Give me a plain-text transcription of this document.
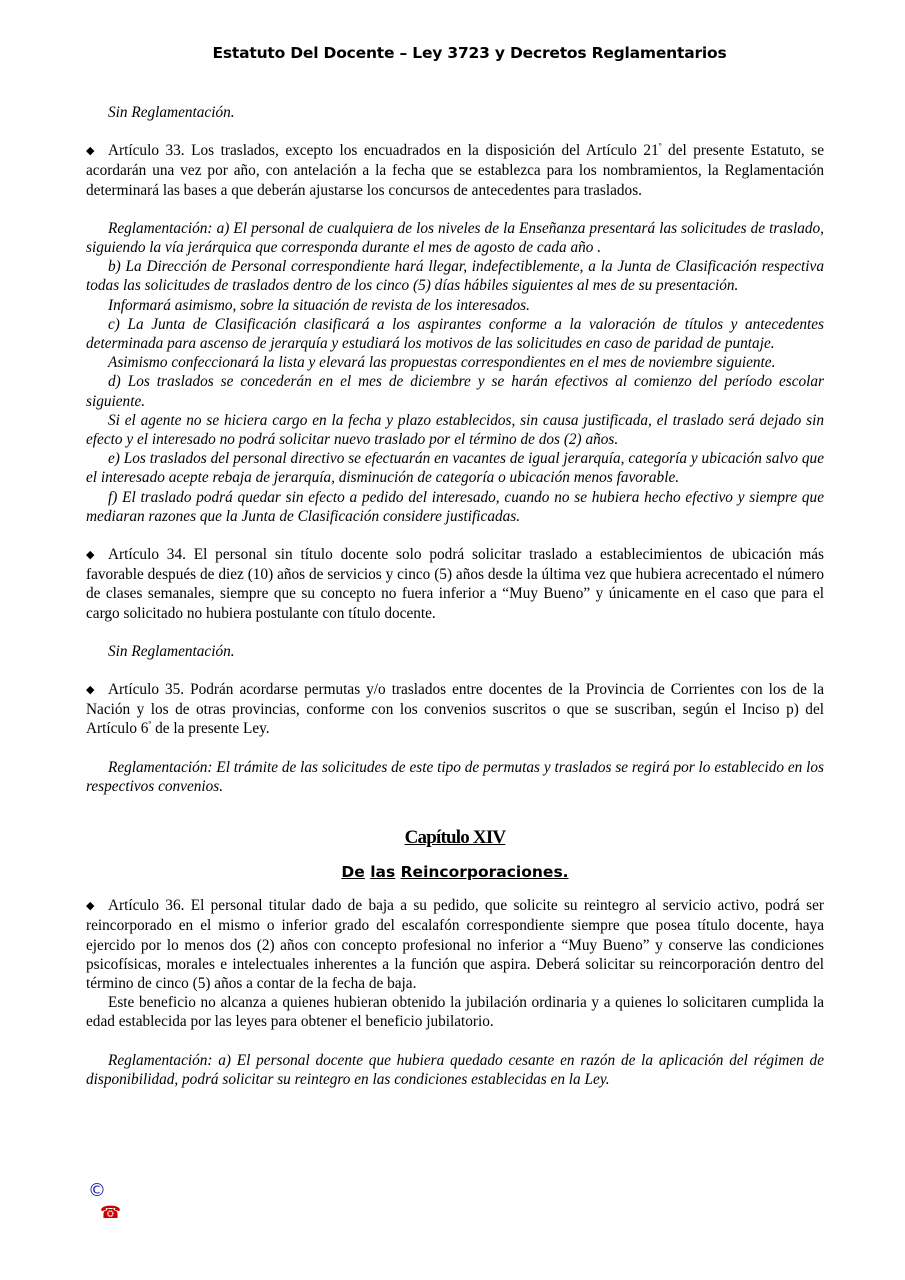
Estatuto Del Docente – Ley 3723 y Decretos Reglamentarios

Sin Reglamentación.

◆ Artículo 33. Los traslados, excepto los encuadrados en la disposición del Artículo $21^º$ del presente Estatuto, se acordarán una vez por año, con antelación a la fecha que se establezca para los nombramientos, la Reglamentación determinará las bases a que deberán ajustarse los concursos de antecedentes para traslados.

Reglamentación: a) El personal de cualquiera de los niveles de la Enseñanza presentará las solicitudes de traslado, siguiendo la vía jerárquica que corresponda durante el mes de agosto de cada año .

b) La Dirección de Personal correspondiente hará llegar, indefectiblemente, a la Junta de Clasificación respectiva todas las solicitudes de traslados dentro de los cinco (5) días hábiles siguientes al mes de su presentación.

Informará asimismo, sobre la situación de revista de los interesados.

c) La Junta de Clasificación clasificará a los aspirantes conforme a la valoración de títulos y antecedentes determinada para ascenso de jerarquía y estudiará los motivos de las solicitudes en caso de paridad de puntaje.

Asimismo confeccionará la lista y elevará las propuestas correspondientes en el mes de noviembre siguiente.

d) Los traslados se concederán en el mes de diciembre y se harán efectivos al comienzo del período escolar siguiente.

Si el agente no se hiciera cargo en la fecha y plazo establecidos, sin causa justificada, el traslado será dejado sin efecto y el interesado no podrá solicitar nuevo traslado por el término de dos (2) años.

e) Los traslados del personal directivo se efectuarán en vacantes de igual jerarquía, categoría y ubicación salvo que el interesado acepte rebaja de jerarquía, disminución de categoría o ubicación menos favorable.

f) El traslado podrá quedar sin efecto a pedido del interesado, cuando no se hubiera hecho efectivo y siempre que mediaran razones que la Junta de Clasificación considere justificadas.

◆ Artículo 34. El personal sin título docente solo podrá solicitar traslado a establecimientos de ubicación más favorable después de diez (10) años de servicios y cinco (5) años desde la última vez que hubiera acrecentado el número de clases semanales, siempre que su concepto no fuera inferior a “Muy Bueno” y únicamente en el caso que para el cargo solicitado no hubiera postulante con título docente.

Sin Reglamentación.

◆ Artículo 35. Podrán acordarse permutas y/o traslados entre docentes de la Provincia de Corrientes con los de la Nación y los de otras provincias, conforme con los convenios suscritos o que se suscriban, según el Inciso p) del Artículo $6^º$ de la presente Ley.

Reglamentación: El trámite de las solicitudes de este tipo de permutas y traslados se regirá por lo establecido en los respectivos convenios.

Capítulo XIV
De las Reincorporaciones.

◆ Artículo 36. El personal titular dado de baja a su pedido, que solicite su reintegro al servicio activo, podrá ser reincorporado en el mismo o inferior grado del escalafón correspondiente siempre que posea título docente, haya ejercido por lo menos dos (2) años con concepto profesional no inferior a “Muy Bueno” y conserve las condiciones psicofísicas, morales e intelectuales inherentes a la función que aspira. Deberá solicitar su reincorporación dentro del término de cinco (5) años a contar de la fecha de baja.

Este beneficio no alcanza a quienes hubieran obtenido la jubilación ordinaria y a quienes lo solicitaren cumplida la edad establecida por las leyes para obtener el beneficio jubilatorio.

Reglamentación: a) El personal docente que hubiera quedado cesante en razón de la aplicación del régimen de disponibilidad, podrá solicitar su reintegro en las condiciones establecidas en la Ley.

©
☎
